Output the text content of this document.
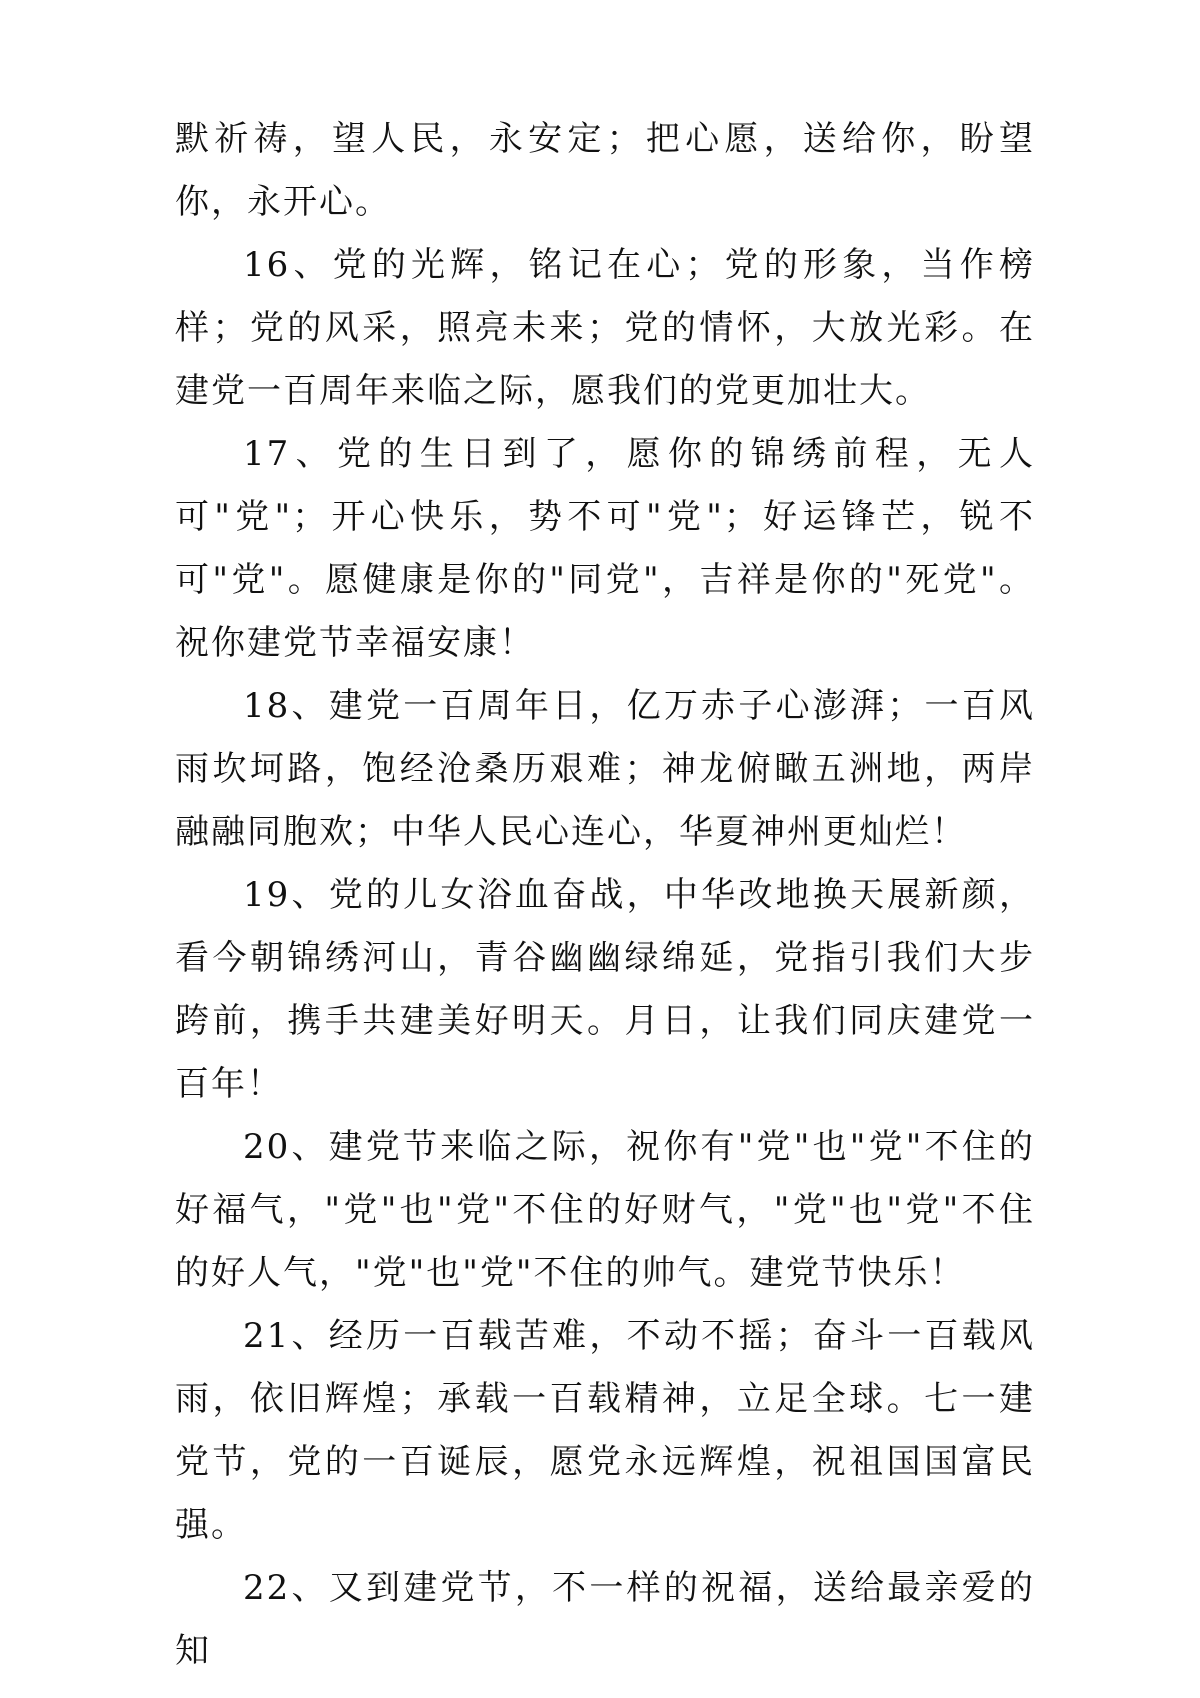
默祈祷，望人民，永安定；把心愿，送给你，盼望你，永开心。

16、党的光辉，铭记在心；党的形象，当作榜样；党的风采，照亮未来；党的情怀，大放光彩。在建党一百周年来临之际，愿我们的党更加壮大。

17、党的生日到了，愿你的锦绣前程，无人可"党"；开心快乐，势不可"党"；好运锋芒，锐不可"党"。愿健康是你的"同党"，吉祥是你的"死党"。祝你建党节幸福安康！

18、建党一百周年日，亿万赤子心澎湃；一百风雨坎坷路，饱经沧桑历艰难；神龙俯瞰五洲地，两岸融融同胞欢；中华人民心连心，华夏神州更灿烂！

19、党的儿女浴血奋战，中华改地换天展新颜，看今朝锦绣河山，青谷幽幽绿绵延，党指引我们大步跨前，携手共建美好明天。月日，让我们同庆建党一百年！

20、建党节来临之际，祝你有"党"也"党"不住的好福气，"党"也"党"不住的好财气，"党"也"党"不住的好人气，"党"也"党"不住的帅气。建党节快乐！

21、经历一百载苦难，不动不摇；奋斗一百载风雨，依旧辉煌；承载一百载精神，立足全球。七一建党节，党的一百诞辰，愿党永远辉煌，祝祖国国富民强。

22、又到建党节，不一样的祝福，送给最亲爱的知
